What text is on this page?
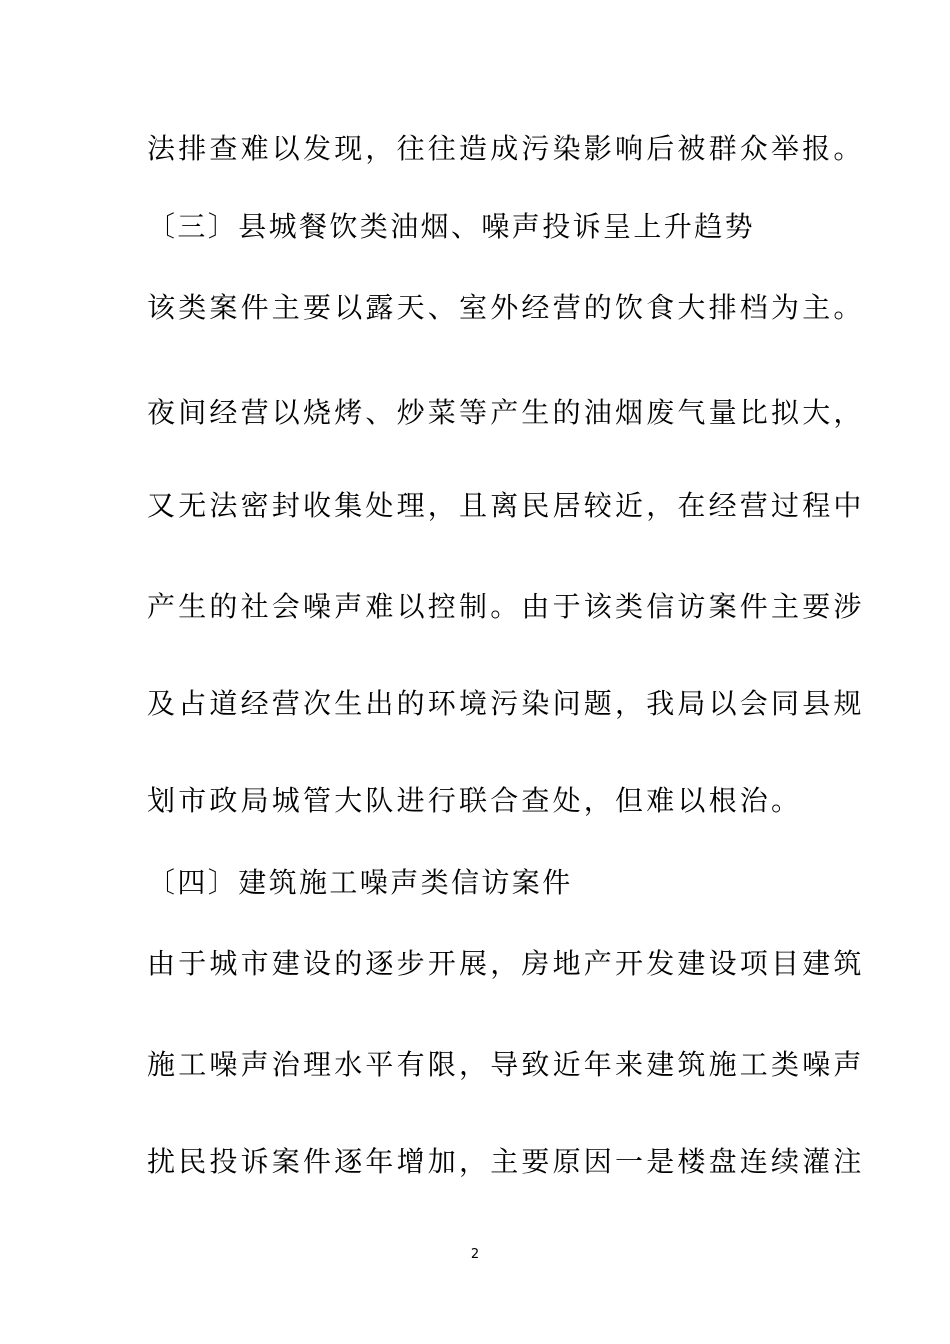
法排查难以发现，往往造成污染影响后被群众举报。
〔三〕县城餐饮类油烟、噪声投诉呈上升趋势
该类案件主要以露天、室外经营的饮食大排档为主。
夜间经营以烧烤、炒菜等产生的油烟废气量比拟大，
又无法密封收集处理，且离民居较近，在经营过程中
产生的社会噪声难以控制。由于该类信访案件主要涉
及占道经营次生出的环境污染问题，我局以会同县规
划市政局城管大队进行联合查处，但难以根治。
〔四〕建筑施工噪声类信访案件
由于城市建设的逐步开展，房地产开发建设项目建筑
施工噪声治理水平有限，导致近年来建筑施工类噪声
扰民投诉案件逐年增加，主要原因一是楼盘连续灌注
2
